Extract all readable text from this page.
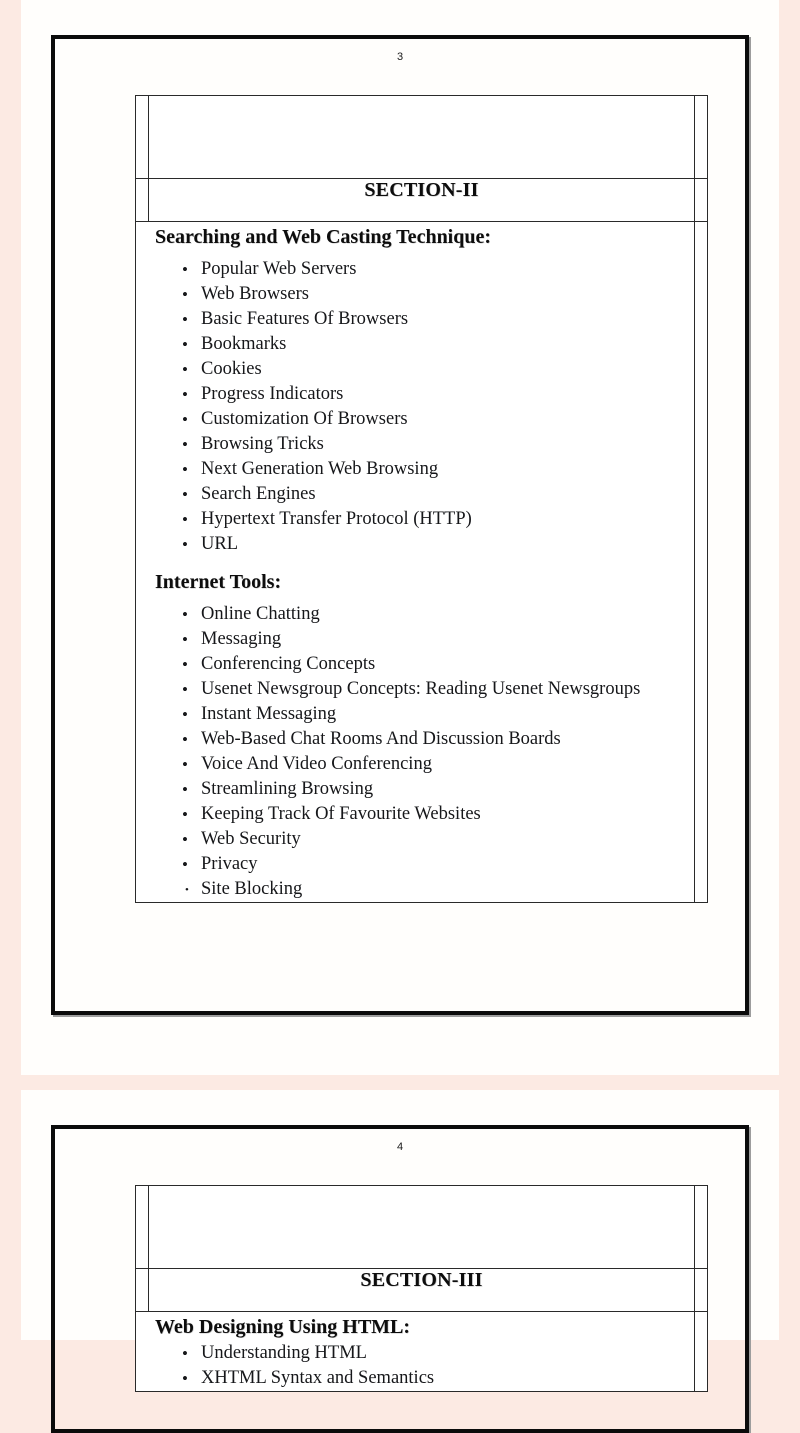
3

	SECTION-II	

Searching and Web Casting Technique:
• Popular Web Servers
• Web Browsers
• Basic Features Of Browsers
• Bookmarks
• Cookies
• Progress Indicators
• Customization Of Browsers
• Browsing Tricks
• Next Generation Web Browsing
• Search Engines
• Hypertext Transfer Protocol (HTTP)
• URL
Internet Tools:
• Online Chatting
• Messaging
• Conferencing Concepts
• Usenet Newsgroup Concepts: Reading Usenet Newsgroups
• Instant Messaging
• Web-Based Chat Rooms And Discussion Boards
• Voice And Video Conferencing
• Streamlining Browsing
• Keeping Track Of Favourite Websites
• Web Security
• Privacy
• Site Blocking

4

	SECTION-III	

Web Designing Using HTML:
• Understanding HTML
• XHTML Syntax and Semantics
